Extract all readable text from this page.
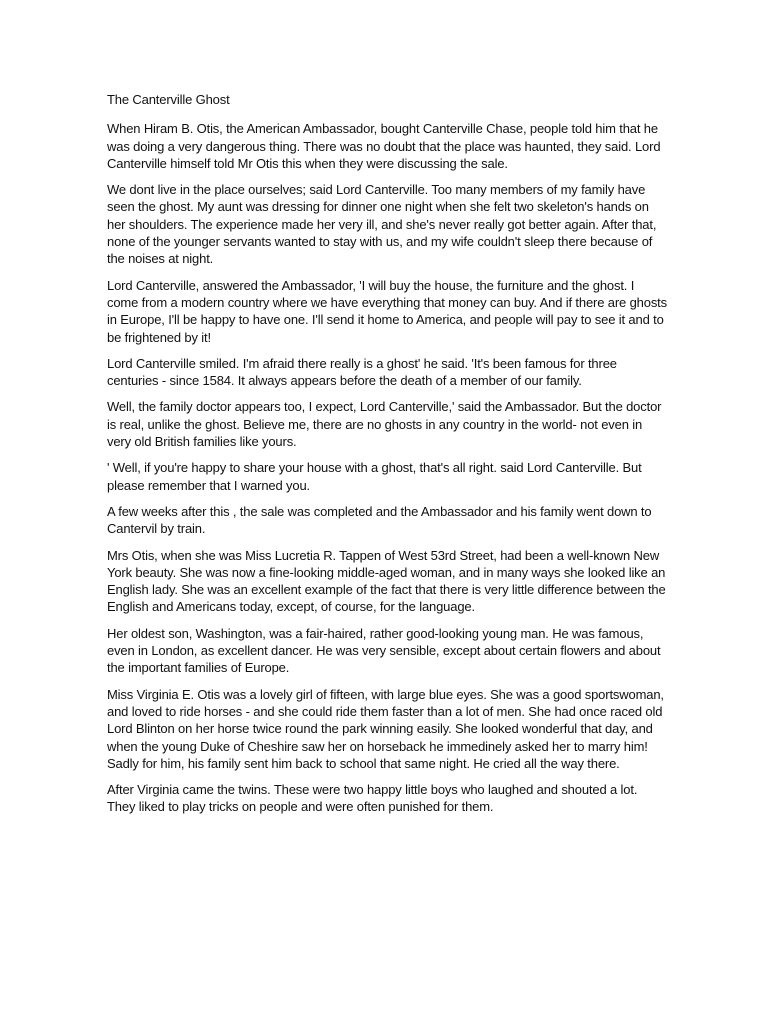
The Canterville Ghost

When Hiram B. Otis, the American Ambassador, bought Canterville Chase, people told him that he was doing a very dangerous thing. There was no doubt that the place was haunted, they said. Lord Canterville himself told Mr Otis this when they were discussing the sale.

We dont live in the place ourselves; said Lord Canterville. Too many members of my family have seen the ghost. My aunt was dressing for dinner one night when she felt two skeleton's hands on her shoulders. The experience made her very ill, and she's never really got better again. After that, none of the younger servants wanted to stay with us, and my wife couldn't sleep there because of the noises at night.

Lord Canterville, answered the Ambassador, 'I will buy the house, the furniture and the ghost. I come from a modern country where we have everything that money can buy. And if there are ghosts in Europe, I'll be happy to have one. I'll send it home to America, and people will pay to see it and to be frightened by it!

Lord Canterville smiled. I'm afraid there really is a ghost' he said. 'It's been famous for three centuries - since 1584. It always appears before the death of a member of our family.

Well, the family doctor appears too, I expect, Lord Canterville,' said the Ambassador. But the doctor is real, unlike the ghost. Believe me, there are no ghosts in any country in the world- not even in very old British families like yours.

' Well, if you're happy to share your house with a ghost, that's all right. said Lord Canterville. But please remember that I warned you.

A few weeks after this , the sale was completed and the Ambassador and his family went down to Cantervil by train.

Mrs Otis, when she was Miss Lucretia R. Tappen of West 53rd Street, had been a well-known New York beauty. She was now a fine-looking middle-aged woman, and in many ways she looked like an English lady. She was an excellent example of the fact that there is very little difference between the English and Americans today, except, of course, for the language.

Her oldest son, Washington, was a fair-haired, rather good-looking young man. He was famous, even in London, as excellent dancer. He was very sensible, except about certain flowers and about the important families of Europe.

Miss Virginia E. Otis was a lovely girl of fifteen, with large blue eyes. She was a good sportswoman, and loved to ride horses - and she could ride them faster than a lot of men. She had once raced old Lord Blinton on her horse twice round the park winning easily. She looked wonderful that day, and when the young Duke of Cheshire saw her on horseback he immedinely asked her to marry him! Sadly for him, his family sent him back to school that same night. He cried all the way there.

After Virginia came the twins. These were two happy little boys who laughed and shouted a lot. They liked to play tricks on people and were often punished for them.
